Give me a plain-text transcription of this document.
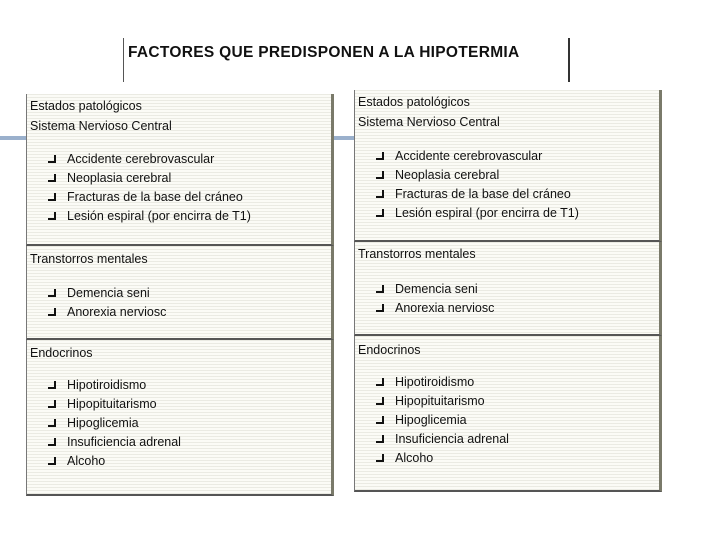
FACTORES QUE PREDISPONEN A LA HIPOTERMIA
Estados patológicos
Sistema Nervioso Central
Accidente cerebrovascular
Neoplasia cerebral
Fracturas de la base del cráneo
Lesión espiral (por encirra de T1)
Transtorros mentales
Demencia seni
Anorexia nerviosc
Endocrinos
Hipotiroidismo
Hipopituitarismo
Hipoglicemia
Insuficiencia adrenal
Alcoho
Estados patológicos
Sistema Nervioso Central
Accidente cerebrovascular
Neoplasia cerebral
Fracturas de la base del cráneo
Lesión espiral (por encirra de T1)
Transtorros mentales
Demencia seni
Anorexia nerviosc
Endocrinos
Hipotiroidismo
Hipopituitarismo
Hipoglicemia
Insuficiencia adrenal
Alcoho
